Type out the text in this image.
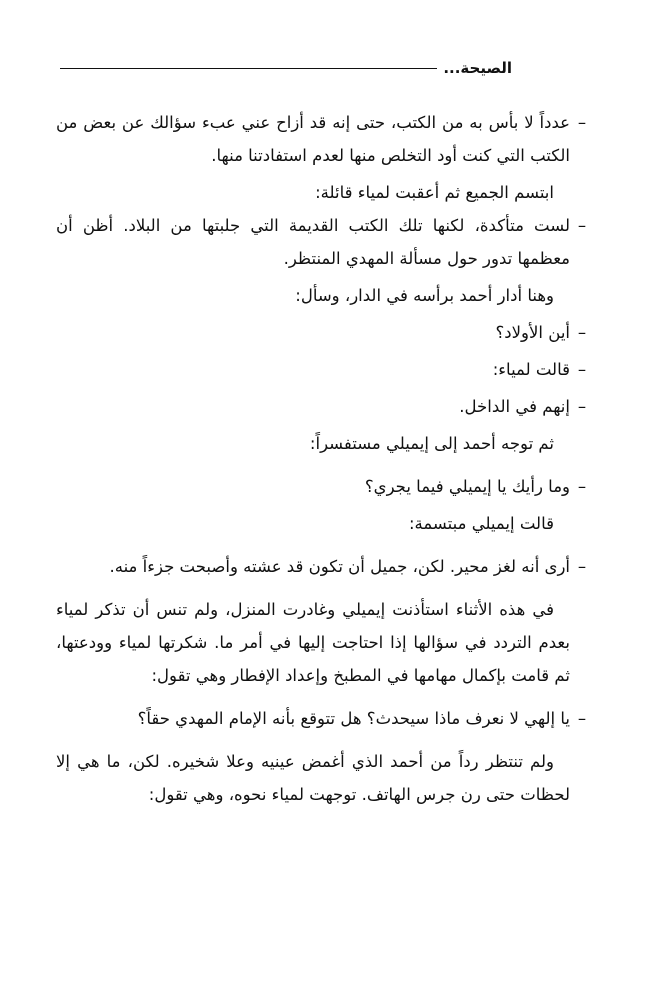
الصيحة...

–عدداً لا بأس به من الكتب، حتى إنه قد أزاح عني عبء سؤالك عن بعض من الكتب التي كنت أود التخلص منها لعدم استفادتنا منها.

ابتسم الجميع ثم أعقبت لمياء قائلة:

–لست متأكدة، لكنها تلك الكتب القديمة التي جلبتها من البلاد. أظن أن معظمها تدور حول مسألة المهدي المنتظر.

وهنا أدار أحمد برأسه في الدار، وسأل:

–أين الأولاد؟

–قالت لمياء:

–إنهم في الداخل.

ثم توجه أحمد إلى إيميلي مستفسراً:

–وما رأيك يا إيميلي فيما يجري؟

قالت إيميلي مبتسمة:

–أرى أنه لغز محير. لكن، جميل أن تكون قد عشته وأصبحت جزءاً منه.

في هذه الأثناء استأذنت إيميلي وغادرت المنزل، ولم تنس أن تذكر لمياء بعدم التردد في سؤالها إذا احتاجت إليها في أمر ما. شكرتها لمياء وودعتها، ثم قامت بإكمال مهامها في المطبخ وإعداد الإفطار وهي تقول:

–يا إلهي لا نعرف ماذا سيحدث؟ هل تتوقع بأنه الإمام المهدي حقاً؟

ولم تنتظر رداً من أحمد الذي أغمض عينيه وعلا شخيره. لكن، ما هي إلا لحظات حتى رن جرس الهاتف. توجهت لمياء نحوه، وهي تقول:
